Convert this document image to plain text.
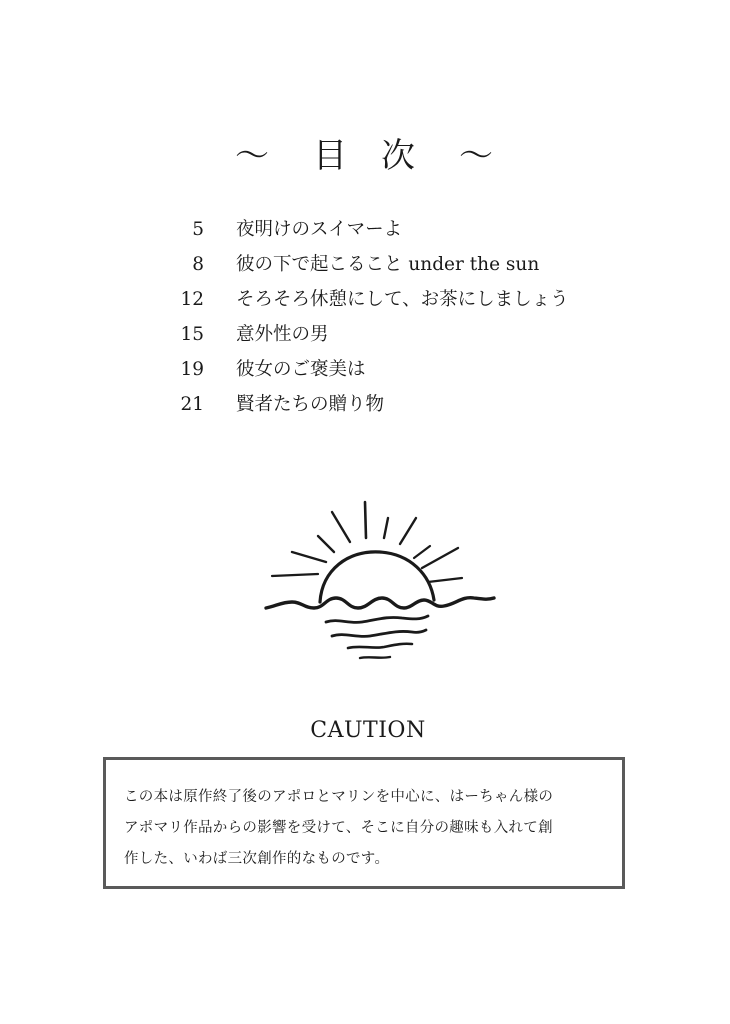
〜 目 次 〜
5	夜明けのスイマーよ
8	彼の下で起こること under the sun
12	そろそろ休憩にして、お茶にしましょう
15	意外性の男
19	彼女のご褒美は
21	賢者たちの贈り物
CAUTION
この本は原作終了後のアポロとマリンを中心に、はーちゃん様の
アポマリ作品からの影響を受けて、そこに自分の趣味も入れて創
作した、いわば三次創作的なものです。
